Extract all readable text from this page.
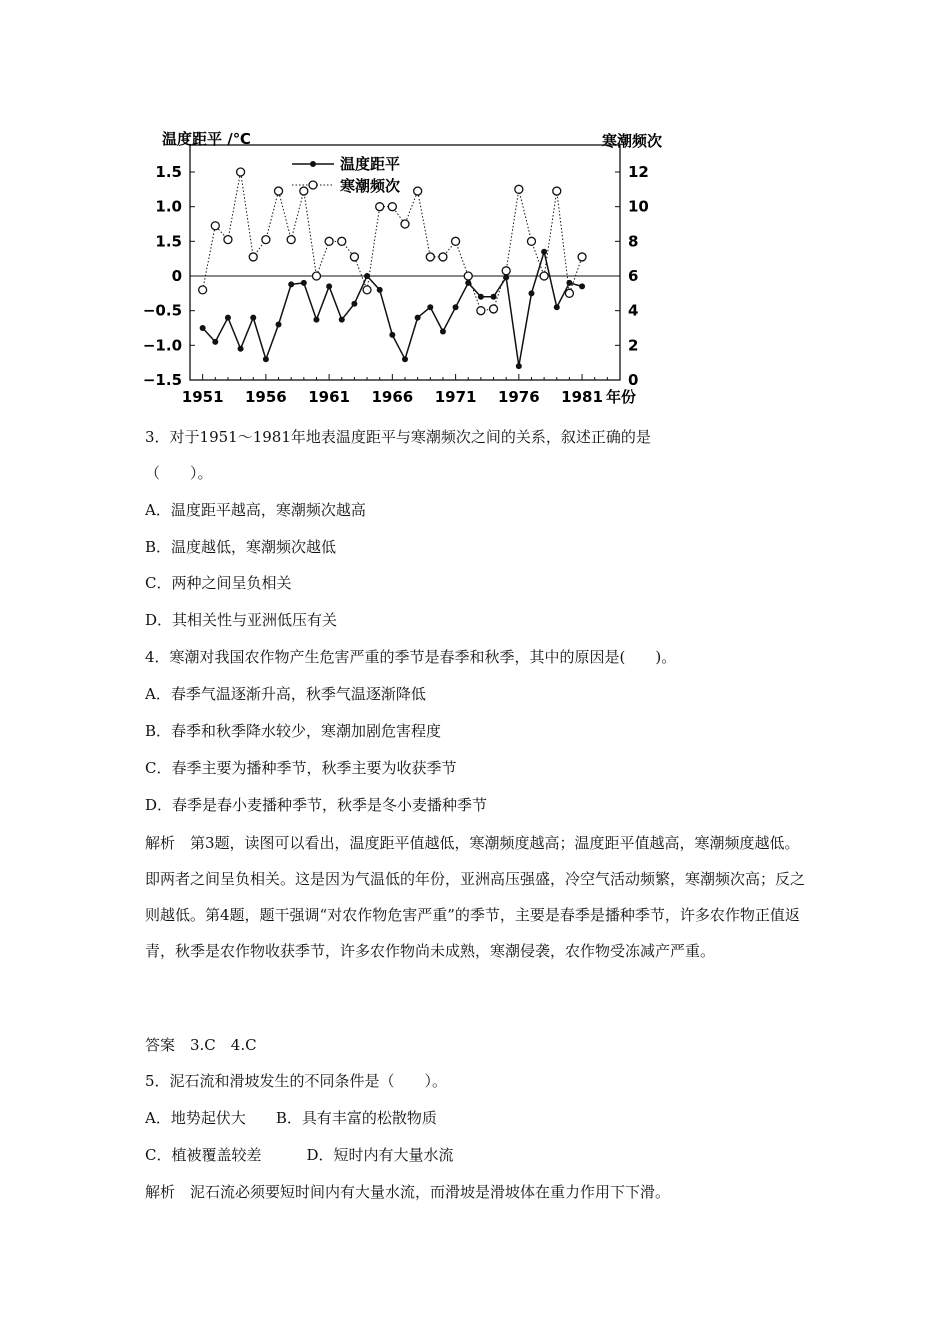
1.5
1.0
1.5
0
−0.5
−1.0
−1.5
12
10
8
6
4
2
0
1951 1956 1961 1966 1971 1976 1981 年份
温度距平 /℃	寒潮频次
温度距平
寒潮频次

3．对于1951～1981年地表温度距平与寒潮频次之间的关系，叙述正确的是

（　　）。

A．温度距平越高，寒潮频次越高

B．温度越低，寒潮频次越低

C．两种之间呈负相关

D．其相关性与亚洲低压有关

4．寒潮对我国农作物产生危害严重的季节是春季和秋季，其中的原因是(　　)。

A．春季气温逐渐升高，秋季气温逐渐降低

B．春季和秋季降水较少，寒潮加剧危害程度

C．春季主要为播种季节，秋季主要为收获季节

D．春季是春小麦播种季节，秋季是冬小麦播种季节

解析　第3题，读图可以看出，温度距平值越低，寒潮频度越高；温度距平值越高，寒潮频度越低。即两者之间呈负相关。这是因为气温低的年份，亚洲高压强盛，冷空气活动频繁，寒潮频次高；反之则越低。第4题，题干强调“对农作物危害严重”的季节，主要是春季是播种季节，许多农作物正值返青，秋季是农作物收获季节，许多农作物尚未成熟，寒潮侵袭，农作物受冻减产严重。

答案　3.C　4.C

5．泥石流和滑坡发生的不同条件是（　　）。

A．地势起伏大　　B．具有丰富的松散物质

C．植被覆盖较差　　　D．短时内有大量水流

解析　泥石流必须要短时间内有大量水流，而滑坡是滑坡体在重力作用下下滑。
